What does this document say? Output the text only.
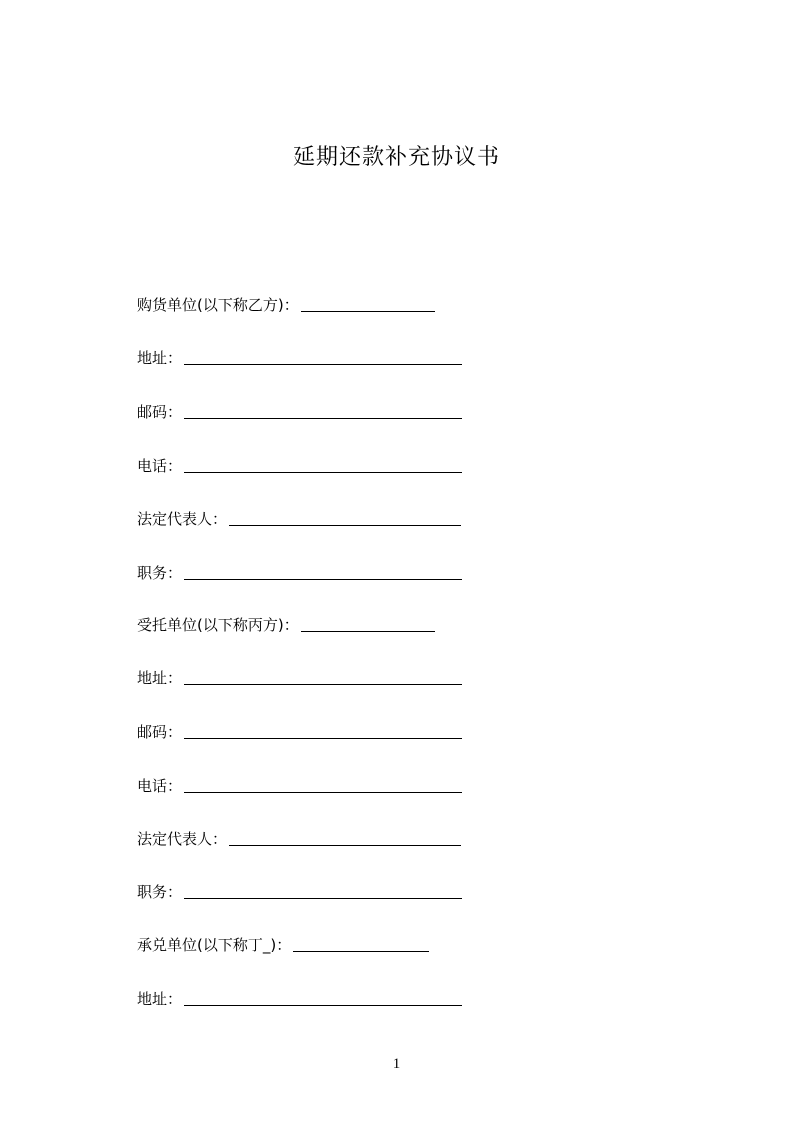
延期还款补充协议书
购货单位(以下称乙方)：
地址：
邮码：
电话：
法定代表人：
职务：
受托单位(以下称丙方)：
地址：
邮码：
电话：
法定代表人：
职务：
承兑单位(以下称丁_)：
地址：
1
